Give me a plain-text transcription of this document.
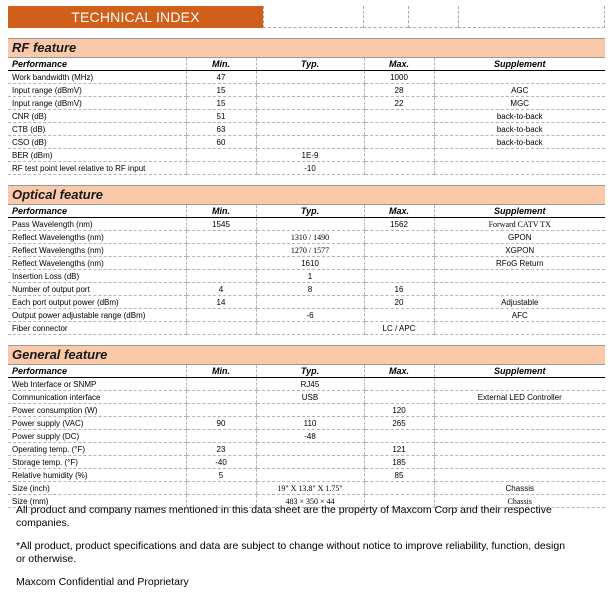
TECHNICAL INDEX
RF feature
Performance	Min.	Typ.	Max.	Supplement
Work bandwidth (MHz)	47		1000	
Input range (dBmV)	15		28	AGC
Input range (dBmV)	15		22	MGC
CNR (dB)	51			back-to-back
CTB (dB)	63			back-to-back
CSO (dB)	60			back-to-back
BER (dBm)		1E-9		
RF test point level relative to RF input		-10		
Optical feature
Performance	Min.	Typ.	Max.	Supplement
Pass Wavelength (nm)	1545		1562	Forward CATV TX
Reflect Wavelengths (nm)		1310 / 1490		GPON
Reflect Wavelengths (nm)		1270 / 1577		XGPON
Reflect Wavelengths (nm)		1610		RFoG Return
Insertion Loss (dB)		1		
Number of output port	4	8	16	
Each port output power (dBm)	14		20	Adjustable
Output power adjustable range (dBm)		-6		AFC
Fiber connector			LC / APC	
General feature
Performance	Min.	Typ.	Max.	Supplement
Web Interface or SNMP		RJ45		
Communication interface		USB		External LED Controller
Power consumption (W)			120	
Power supply (VAC)	90	110	265	
Power supply (DC)		-48		
Operating temp. (°F)	23		121	
Storage temp. (°F)	-40		185	
Relative humidity (%)	5		85	
Size (inch)		19" X 13.8" X 1.75"		Chassis
Size (mm)		483 × 350 × 44		Chassis

All product and company names mentioned in this data sheet are the property of Maxcom Corp and their respective companies.

*All product, product specifications and data are subject to change without notice to improve reliability, function, design or otherwise.

Maxcom Confidential and Proprietary
